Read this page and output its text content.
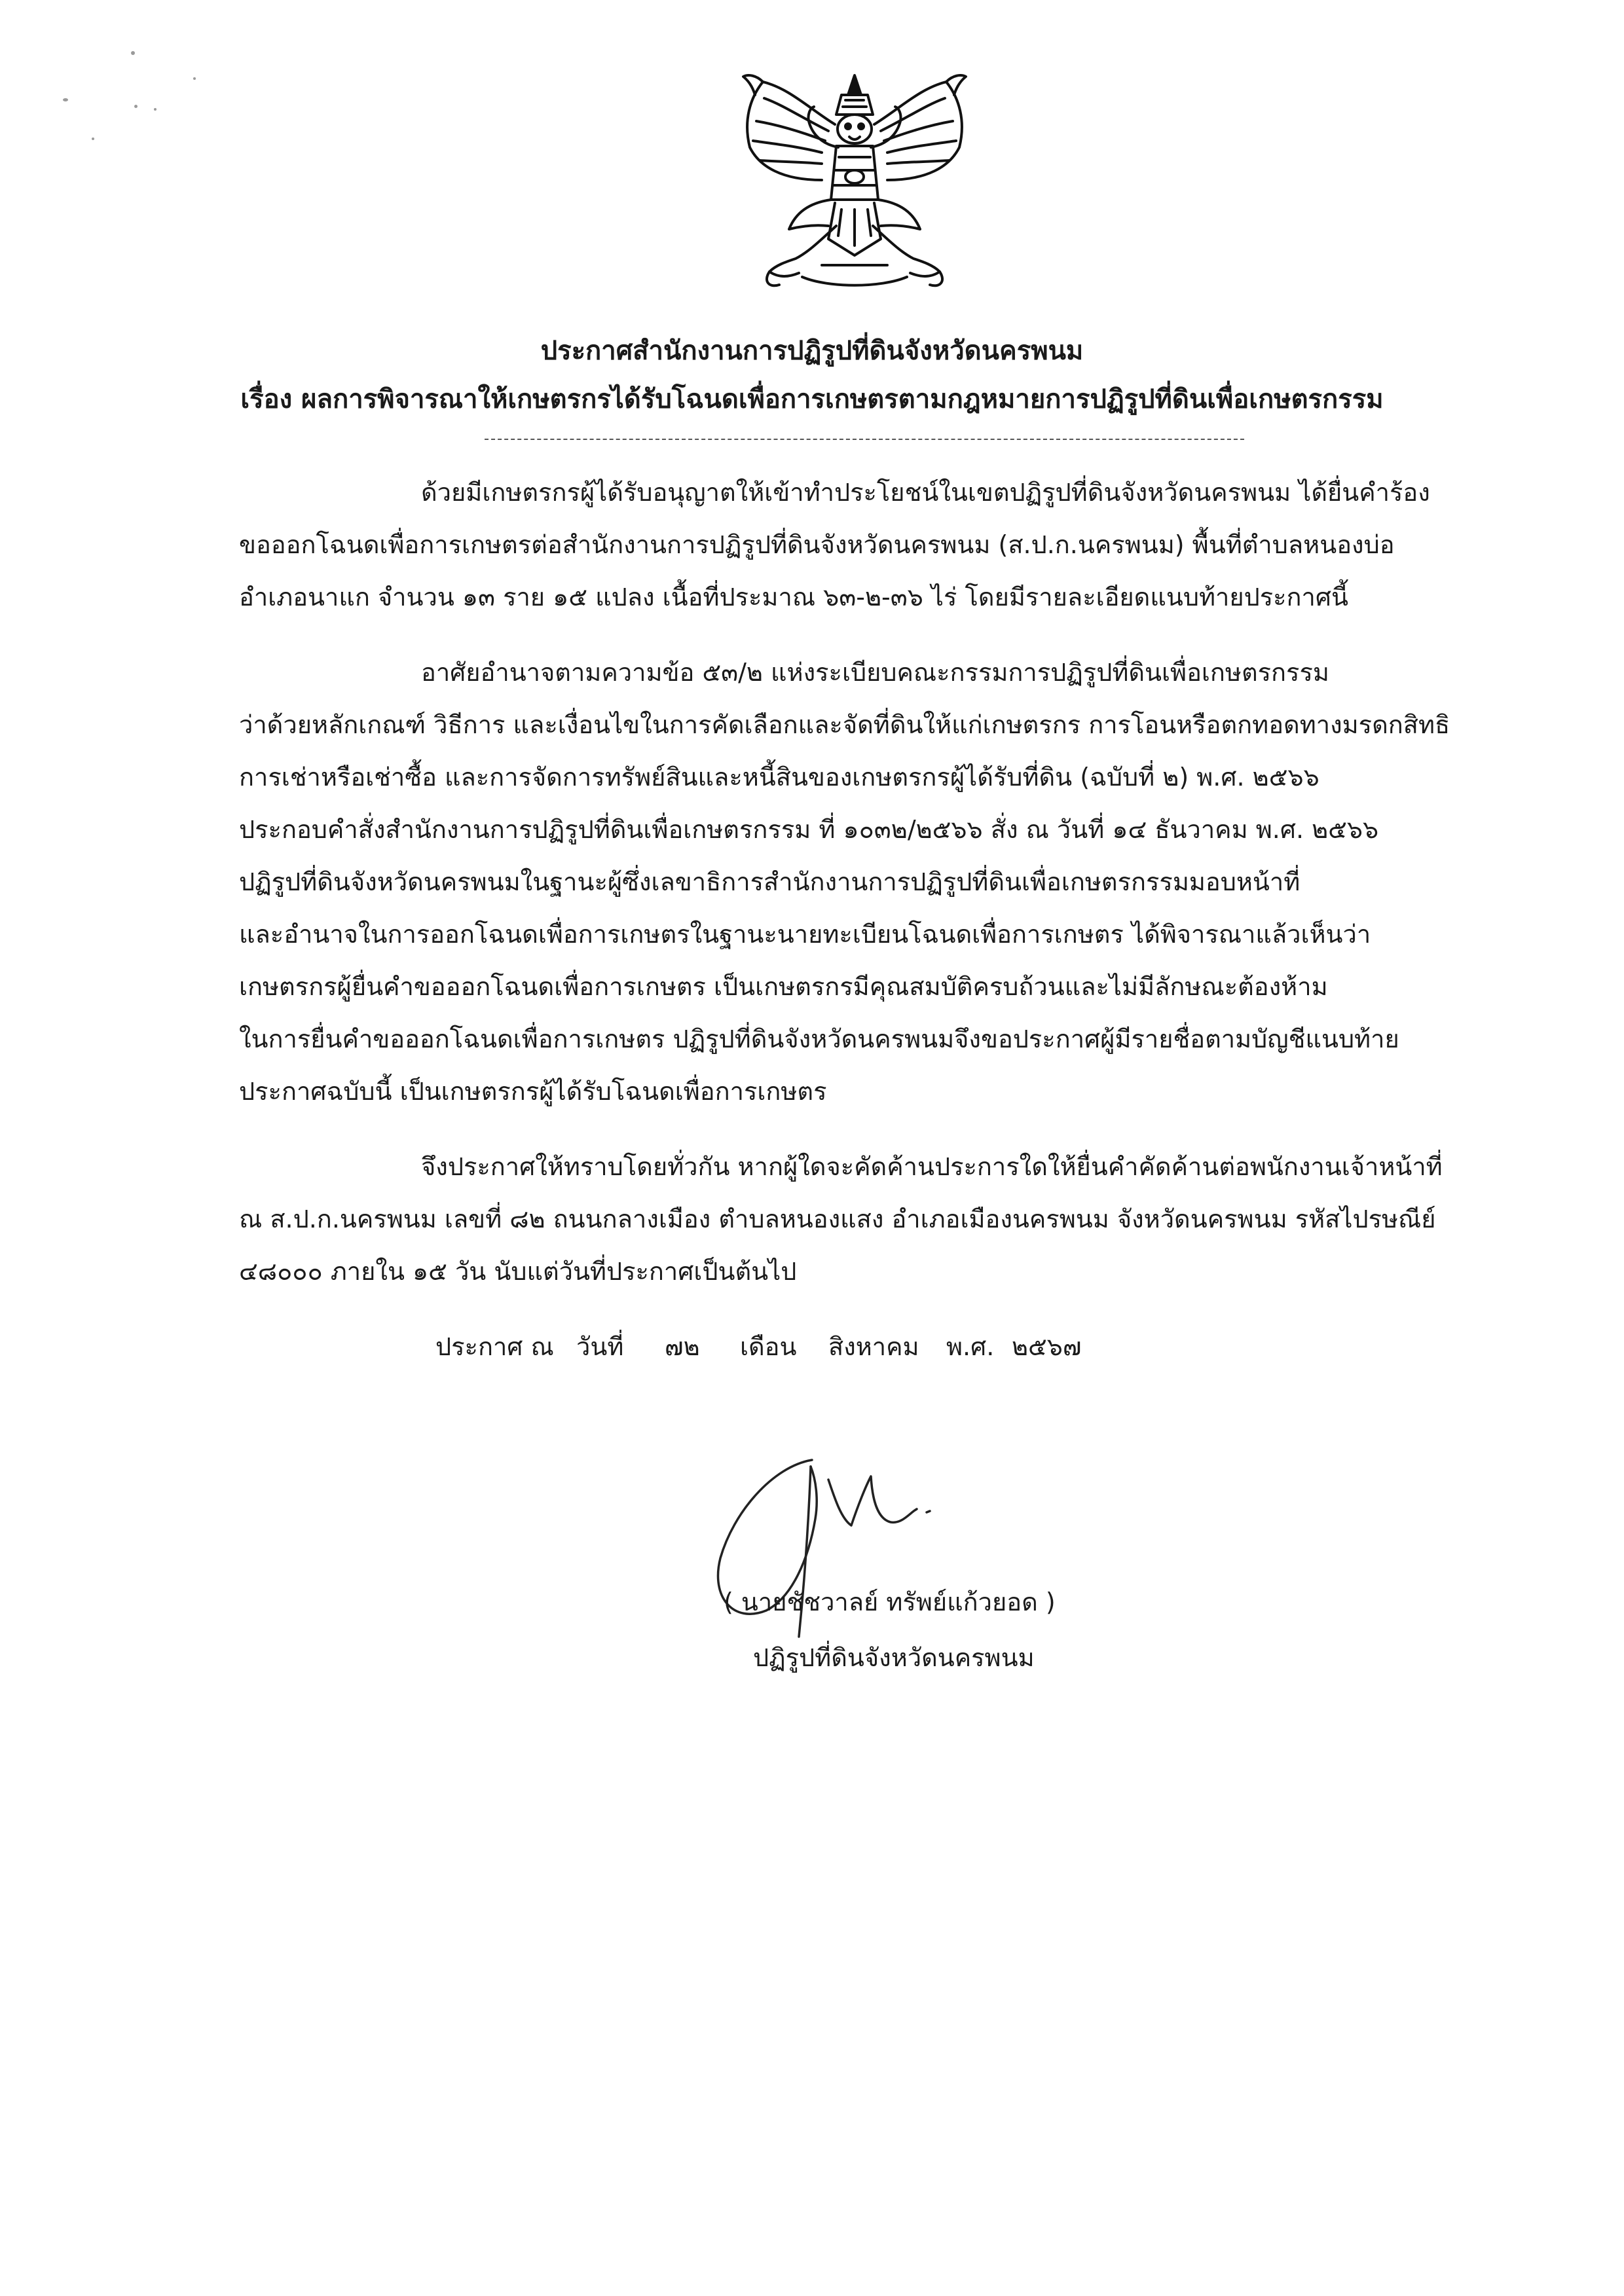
ประกาศสำนักงานการปฏิรูปที่ดินจังหวัดนครพนม
เรื่อง ผลการพิจารณาให้เกษตรกรได้รับโฉนดเพื่อการเกษตรตามกฎหมายการปฏิรูปที่ดินเพื่อเกษตรกรรม
ด้วยมีเกษตรกรผู้ได้รับอนุญาตให้เข้าทำประโยชน์ในเขตปฏิรูปที่ดินจังหวัดนครพนม ได้ยื่นคำร้อง
ขอออกโฉนดเพื่อการเกษตรต่อสำนักงานการปฏิรูปที่ดินจังหวัดนครพนม (ส.ป.ก.นครพนม) พื้นที่ตำบลหนองบ่อ
อำเภอนาแก จำนวน ๑๓ ราย ๑๕ แปลง เนื้อที่ประมาณ ๖๓-๒-๓๖ ไร่ โดยมีรายละเอียดแนบท้ายประกาศนี้
อาศัยอำนาจตามความข้อ ๕๓/๒ แห่งระเบียบคณะกรรมการปฏิรูปที่ดินเพื่อเกษตรกรรม
ว่าด้วยหลักเกณฑ์ วิธีการ และเงื่อนไขในการคัดเลือกและจัดที่ดินให้แก่เกษตรกร การโอนหรือตกทอดทางมรดกสิทธิ
การเช่าหรือเช่าซื้อ และการจัดการทรัพย์สินและหนี้สินของเกษตรกรผู้ได้รับที่ดิน (ฉบับที่ ๒) พ.ศ. ๒๕๖๖
ประกอบคำสั่งสำนักงานการปฏิรูปที่ดินเพื่อเกษตรกรรม ที่ ๑๐๓๒/๒๕๖๖ สั่ง ณ วันที่ ๑๔ ธันวาคม พ.ศ. ๒๕๖๖
ปฏิรูปที่ดินจังหวัดนครพนมในฐานะผู้ซึ่งเลขาธิการสำนักงานการปฏิรูปที่ดินเพื่อเกษตรกรรมมอบหน้าที่
และอำนาจในการออกโฉนดเพื่อการเกษตรในฐานะนายทะเบียนโฉนดเพื่อการเกษตร ได้พิจารณาแล้วเห็นว่า
เกษตรกรผู้ยื่นคำขอออกโฉนดเพื่อการเกษตร เป็นเกษตรกรมีคุณสมบัติครบถ้วนและไม่มีลักษณะต้องห้าม
ในการยื่นคำขอออกโฉนดเพื่อการเกษตร ปฏิรูปที่ดินจังหวัดนครพนมจึงขอประกาศผู้มีรายชื่อตามบัญชีแนบท้าย
ประกาศฉบับนี้ เป็นเกษตรกรผู้ได้รับโฉนดเพื่อการเกษตร
จึงประกาศให้ทราบโดยทั่วกัน หากผู้ใดจะคัดค้านประการใดให้ยื่นคำคัดค้านต่อพนักงานเจ้าหน้าที่
ณ ส.ป.ก.นครพนม เลขที่ ๘๒ ถนนกลางเมือง ตำบลหนองแสง อำเภอเมืองนครพนม จังหวัดนครพนม รหัสไปรษณีย์
๔๘๐๐๐ ภายใน ๑๕ วัน นับแต่วันที่ประกาศเป็นต้นไป
ประกาศ ณ วันที่ ๗๒ เดือน สิงหาคม พ.ศ. ๒๕๖๗
( นายชัชวาลย์ ทรัพย์แก้วยอด )
ปฏิรูปที่ดินจังหวัดนครพนม
